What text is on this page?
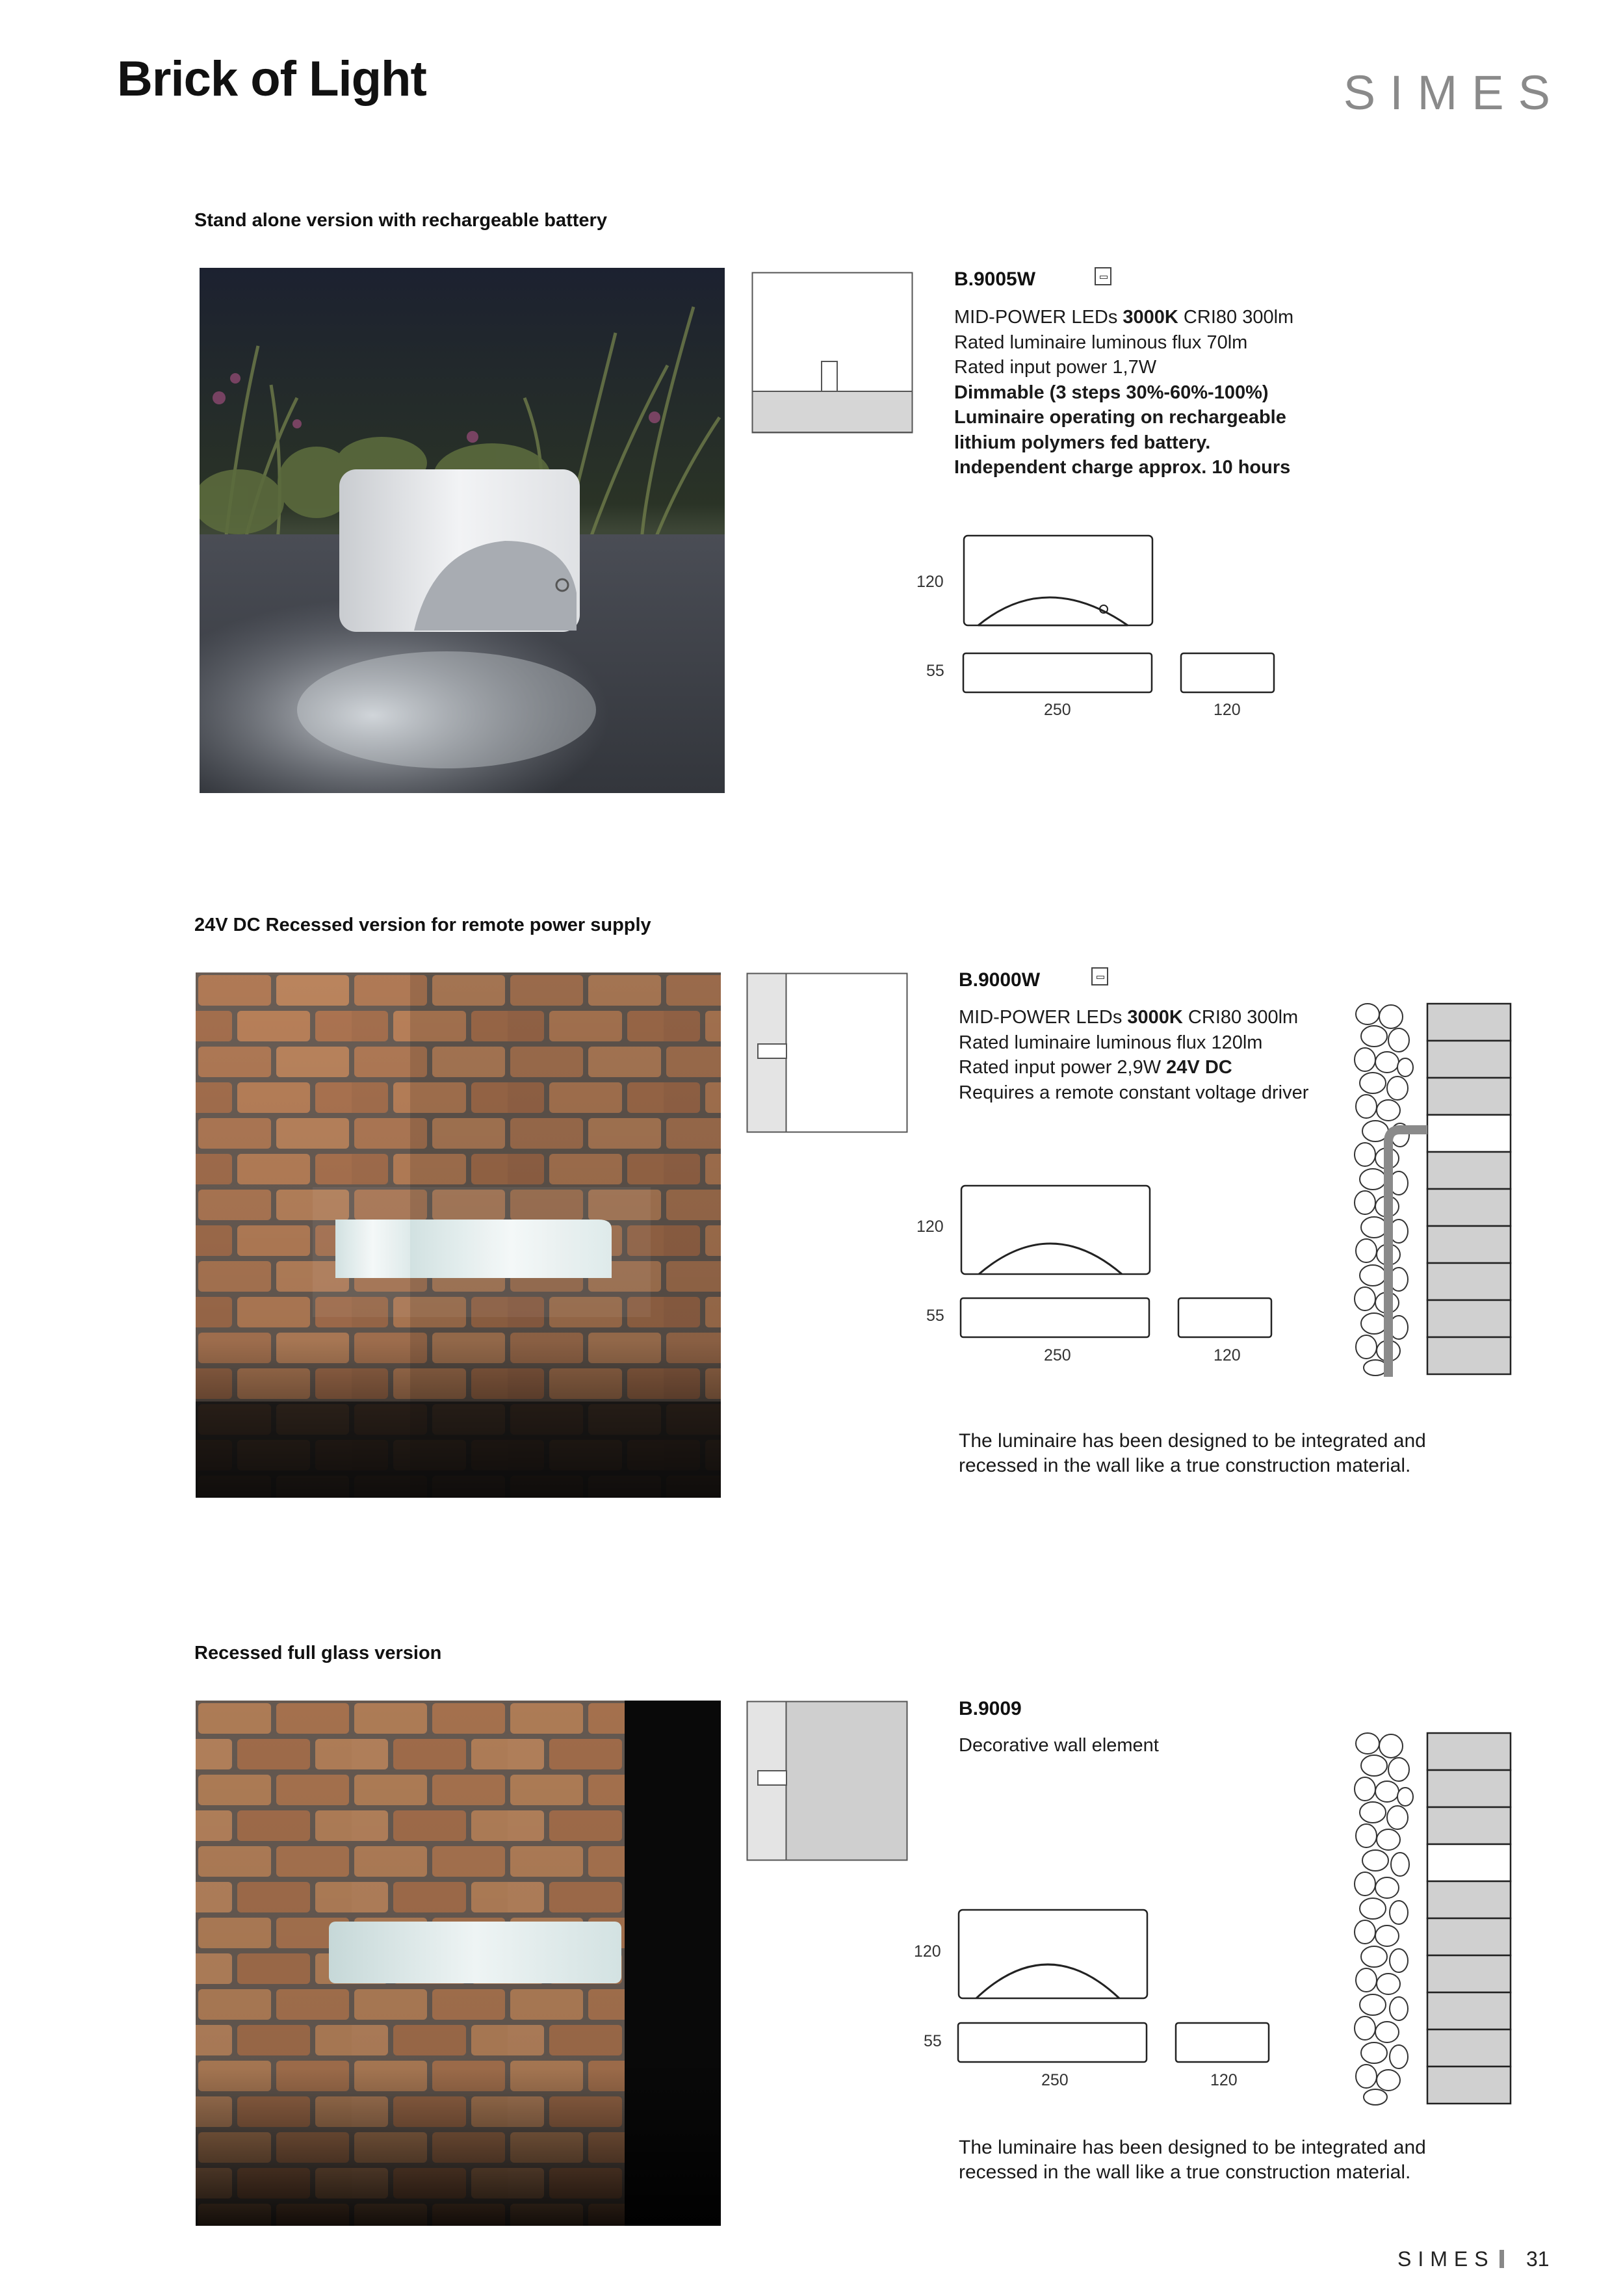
Brick of Light	SIMES
Stand alone version with rechargeable battery
B.9005W
MID-POWER LEDs 3000K CRI80 300lm
Rated luminaire luminous flux 70lm
Rated input power 1,7W
Dimmable (3 steps 30%-60%-100%)
Luminaire operating on rechargeable
lithium polymers fed battery.
Independent charge approx. 10 hours
120
55
250	120
24V DC Recessed version for remote power supply
B.9000W
MID-POWER LEDs 3000K CRI80 300lm
Rated luminaire luminous flux 120lm
Rated input power 2,9W 24V DC
Requires a remote constant voltage driver
120
55
250	120
The luminaire has been designed to be integrated and
recessed in the wall like a true construction material.
Recessed full glass version
B.9009
Decorative wall element
120
55
250	120
The luminaire has been designed to be integrated and
recessed in the wall like a true construction material.
SIMES 31
